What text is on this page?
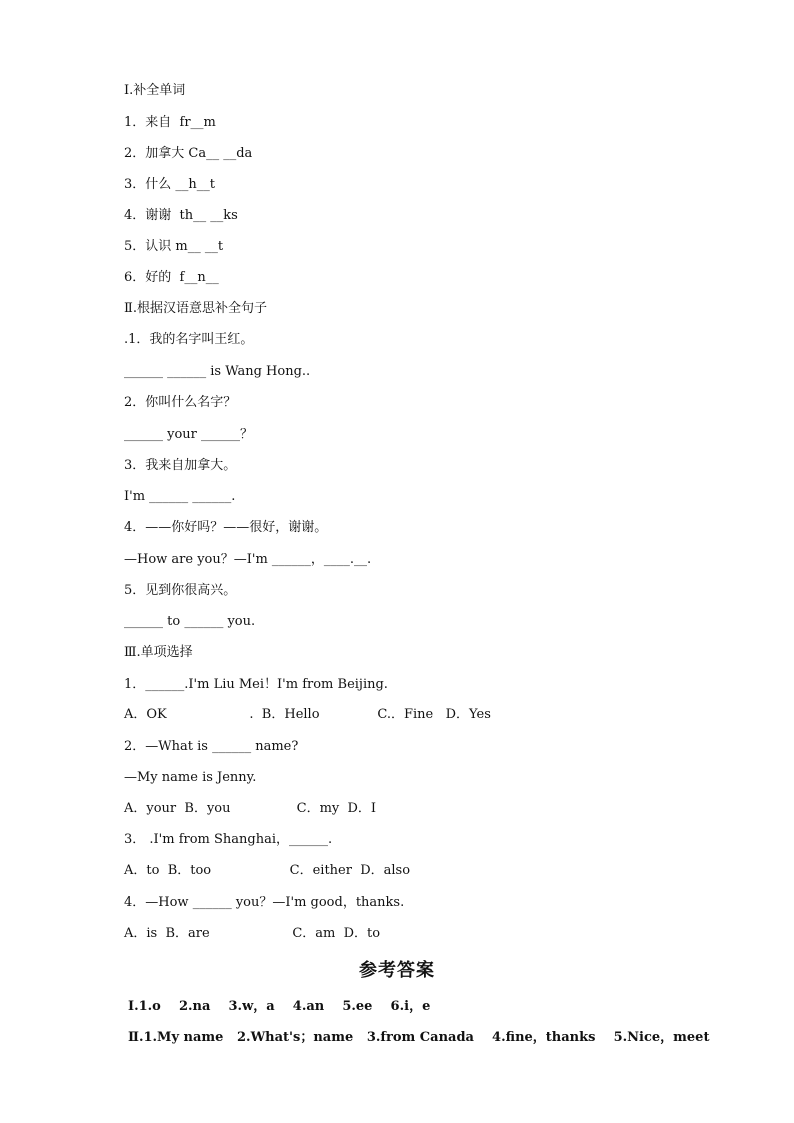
Ⅰ.补全单词
1．来自  fr__m
2．加拿大 Ca__ __da
3．什么 __h__t
4．谢谢  th__ __ks
5．认识 m__ __t
6．好的  f__n__
Ⅱ.根据汉语意思补全句子
.1．我的名字叫王红。
______ ______ is Wang Hong..
2．你叫什么名字？
______ your ______？
3．我来自加拿大。
I'm ______ ______.
4．——你好吗？——很好，谢谢。
—How are you？—I'm ______，____.__.
5．见到你很高兴。
______ to ______ you.
Ⅲ.单项选择
1．______.I'm Liu Mei！I'm from Beijing.
A．OK                    .  B．Hello              C.．Fine   D．Yes
2．—What is ______ name?
—My name is Jenny.
A．your  B．you                C．my  D．I
3． .I'm from Shanghai，______.
A．to  B．too                   C．either  D．also
4．—How ______ you？—I'm good，thanks.
A．is  B．are                    C．am  D．to
参考答案
Ⅰ.1.o    2.na    3.w，a    4.an    5.ee    6.i，e
Ⅱ.1.My name   2.What's；name   3.from Canada    4.fine，thanks    5.Nice，meet
